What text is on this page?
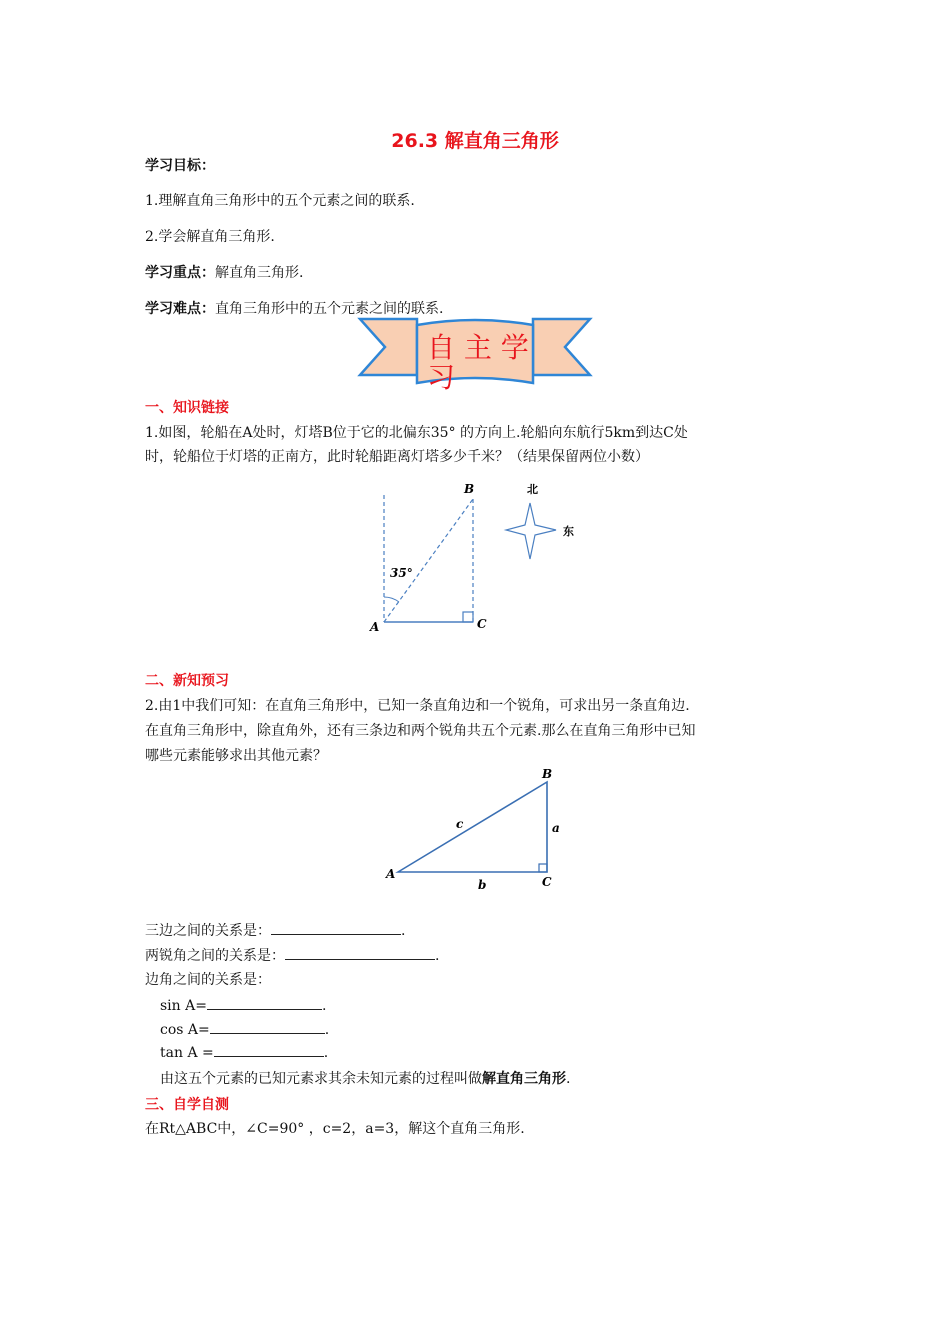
26.3 解直角三角形
学习目标：
1.理解直角三角形中的五个元素之间的联系.
2.学会解直角三角形.
学习重点：解直角三角形.
学习难点：直角三角形中的五个元素之间的联系.
自 主 学
习
一、知识链接
1.如图，轮船在A处时，灯塔B位于它的北偏东35° 的方向上.轮船向东航行5km到达C处
时，轮船位于灯塔的正南方，此时轮船距离灯塔多少千米？（结果保留两位小数）
35°
A
B
C
北
东
二、新知预习
2.由1中我们可知：在直角三角形中，已知一条直角边和一个锐角，可求出另一条直角边.
在直角三角形中，除直角外，还有三条边和两个锐角共五个元素.那么在直角三角形中已知
哪些元素能够求出其他元素？
A
B
C
a
b
c
三边之间的关系是：	.
两锐角之间的关系是：	.
边角之间的关系是：
sin A=	.
cos A=	.
tan A =	.
由这五个元素的已知元素求其余未知元素的过程叫做解直角三角形.
三、自学自测
在Rt△ABC中，∠C=90° ，c=2，a=3，解这个直角三角形.
